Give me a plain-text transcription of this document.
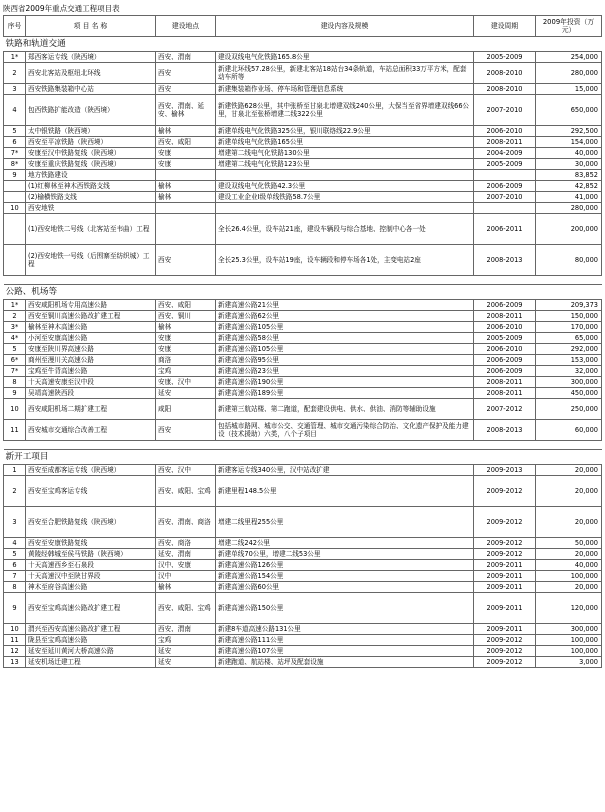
陕西省2009年重点交通工程项目表
序号	项 目 名 称	建设地点	建设内容及规模	建设周期	2009年投资（万元）
铁路和轨道交通					
1*	郑西客运专线（陕西境）	西安、渭南	建设双线电气化铁路165.8公里	2005-2009	254,000
2	西安北客站及枢纽北环线	西安	新建北环线57.28公里，新建北客站18站台34条轨道，车站总面积33万平方米，配套动车所等	2008-2010	280,000
3	西安铁路集装箱中心站	西安	新建集装箱作业场、停车场和管理信息系统	2008-2010	15,000
4	包西铁路扩能改造（陕西境）	西安、渭南、延安、榆林	新建铁路628公里，其中张桥至甘泉北增建双线240公里，大保当至省界增建双线66公里，甘泉北至张桥增建二线322公里	2007-2010	650,000
5	太中银铁路（陕西境）	榆林	新建单线电气化铁路325公里，银川联络线22.9公里	2006-2010	292,500
6	西安至平凉铁路（陕西境）	西安、咸阳	新建单线电气化铁路165公里	2008-2011	154,000
7*	安康至汉中铁路复线（陕西境）	安康	增建第二线电气化铁路130公里	2004-2009	40,000
8*	安康至重庆铁路复线（陕西境）	安康	增建第二线电气化铁路123公里	2005-2009	30,000
9	地方铁路建设				83,852
	(1)红柳林至神木西铁路支线	榆林	建设双线电气化铁路42.3公里	2006-2009	42,852
	(2)榆横铁路支线	榆林	建设工业企业Ⅰ级单线铁路58.7公里	2007-2010	41,000
10	西安地铁				280,000
	(1)西安地铁二号线（北客站至韦曲）工程		全长26.4公里，设车站21座，建设车辆段与综合基地、控制中心各一处	2006-2011	200,000
	(2)西安地铁一号线（后围寨至纺织城）工程	西安	全长25.3公里，设车站19座，设车辆段和停车场各1处，主变电站2座	2008-2013	80,000

公路、机场等					
1*	西安咸阳机场专用高速公路	西安、咸阳	新建高速公路21公里	2006-2009	209,373
2	西安至铜川高速公路改扩建工程	西安、铜川	新建高速公路62公里	2008-2011	150,000
3*	榆林至神木高速公路	榆林	新建高速公路105公里	2006-2010	170,000
4*	小河至安康高速公路	安康	新建高速公路58公里	2005-2009	65,000
5	安康至陕川界高速公路	安康	新建高速公路105公里	2006-2010	292,000
6*	商州至漫川关高速公路	商洛	新建高速公路95公里	2006-2009	153,000
7*	宝鸡至牛背高速公路	宝鸡	新建高速公路23公里	2006-2009	32,000
8	十天高速安康至汉中段	安康、汉中	新建高速公路190公里	2008-2011	300,000
9	吴靖高速陕西段	延安	新建高速公路189公里	2008-2011	450,000
10	西安咸阳机场二期扩建工程	咸阳	新建第三航站楼、第二跑道，配套建设供电、供水、供油、消防等辅助设施	2007-2012	250,000
11	西安城市交通综合改善工程	西安	包括城市路网、城市公交、交通管理、城市交通污染综合防治、文化遗产保护及能力建设（技术援助）六类，八个子项目	2008-2013	60,000

新开工项目					
1	西安至成都客运专线（陕西境）	西安、汉中	新建客运专线340公里，汉中站改扩建	2009-2013	20,000
2	西安至宝鸡客运专线	西安、咸阳、宝鸡	新建里程148.5公里	2009-2012	20,000
3	西安至合肥铁路复线（陕西境）	西安、渭南、商洛	增建二线里程255公里	2009-2012	20,000
4	西安至安康铁路复线	西安、商洛	增建二线242公里	2009-2012	50,000
5	黄陵经韩城至侯马铁路（陕西境）	延安、渭南	新建单线70公里，增建二线53公里	2009-2012	20,000
6	十天高速西乡至石泉段	汉中、安康	新建高速公路126公里	2009-2011	40,000
7	十天高速汉中至陕甘界段	汉中	新建高速公路154公里	2009-2011	100,000
8	神木至府谷高速公路	榆林	新建高速公路60公里	2009-2011	20,000
9	西安至宝鸡高速公路改扩建工程	西安、咸阳、宝鸡	新建高速公路150公里	2009-2011	120,000
10	渭兴至西安高速公路改扩建工程	西安、渭南	新建8车道高速公路131公里	2009-2011	300,000
11	陇县至宝鸡高速公路	宝鸡	新建高速公路111公里	2009-2012	100,000
12	延安至延川黄河大桥高速公路	延安	新建高速公路107公里	2009-2012	100,000
13	延安机场迁建工程	延安	新建跑道、航站楼、站坪及配套设施	2009-2012	3,000
